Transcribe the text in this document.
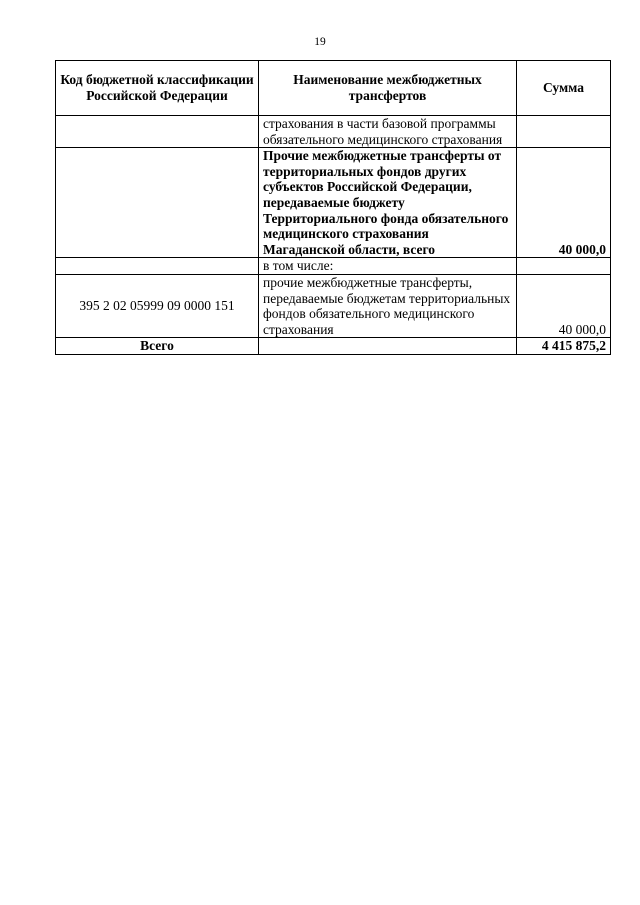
19
Код бюджетной классификации Российской Федерации	Наименование межбюджетных трансфертов	Сумма
	страхования в части базовой программы обязательного медицинского страхования	
	Прочие межбюджетные трансферты от территориальных фондов других субъектов Российской Федерации, передаваемые бюджету Территориального фонда обязательного медицинского страхования Магаданской области, всего	40 000,0
	в том числе:	
395 2 02 05999 09 0000 151	прочие межбюджетные трансферты, передаваемые бюджетам территориальных фондов обязательного медицинского страхования	40 000,0
Всего		4 415 875,2
